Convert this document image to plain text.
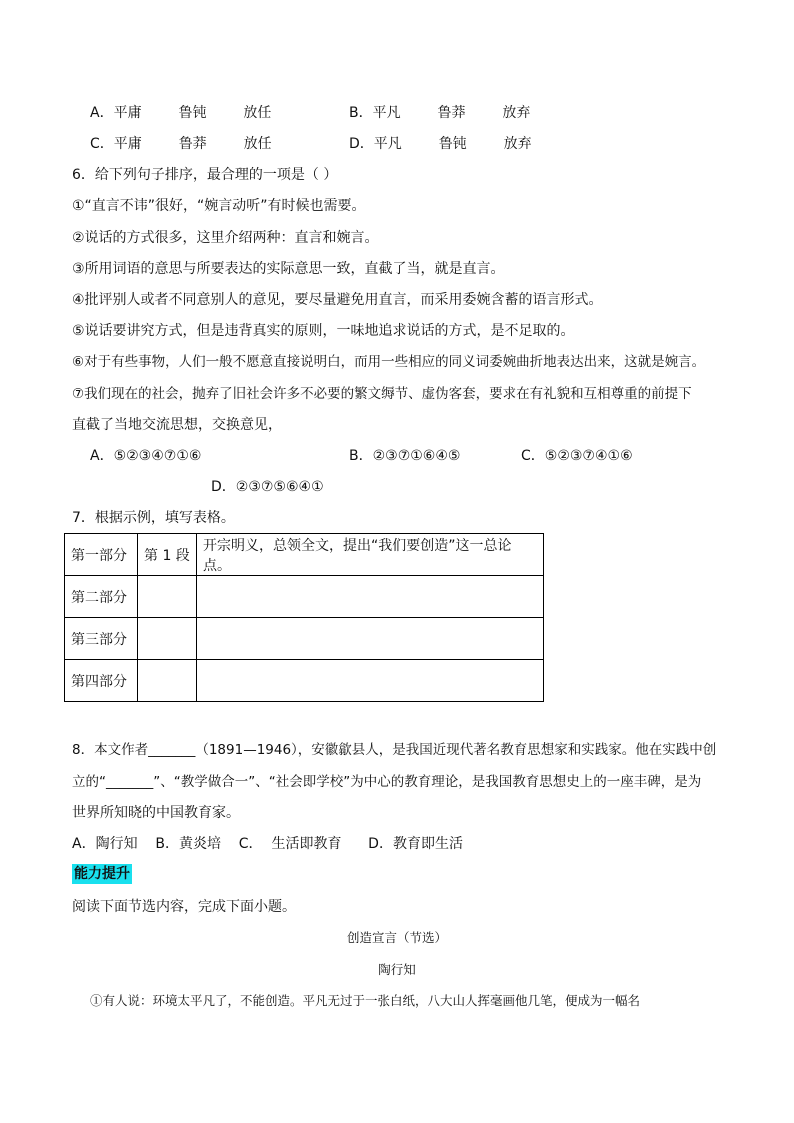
A．平庸	鲁钝	放任	B．平凡	鲁莽	放弃
C．平庸	鲁莽	放任	D．平凡	鲁钝	放弃
6．给下列句子排序，最合理的一项是（ ）
①“直言不讳”很好，“婉言动听”有时候也需要。
②说话的方式很多，这里介绍两种：直言和婉言。
③所用词语的意思与所要表达的实际意思一致，直截了当，就是直言。
④批评别人或者不同意别人的意见，要尽量避免用直言，而采用委婉含蓄的语言形式。
⑤说话要讲究方式，但是违背真实的原则，一味地追求说话的方式，是不足取的。
⑥对于有些事物，人们一般不愿意直接说明白，而用一些相应的同义词委婉曲折地表达出来，这就是婉言。
⑦我们现在的社会，抛弃了旧社会许多不必要的繁文缛节、虚伪客套，要求在有礼貌和互相尊重的前提下
直截了当地交流思想，交换意见，
A．⑤②③④⑦①⑥	B．②③⑦①⑥④⑤	C．⑤②③⑦④①⑥
D．②③⑦⑤⑥④①
7．根据示例，填写表格。
第一部分	第 1 段	开宗明义，总领全文，提出“我们要创造”这一总论点。
第二部分		
第三部分		
第四部分		
8．本文作者_______（1891—1946），安徽歙县人，是我国近现代著名教育思想家和实践家。他在实践中创
立的“_______”、“教学做合一”、“社会即学校”为中心的教育理论，是我国教育思想史上的一座丰碑，是为
世界所知晓的中国教育家。
A．陶行知    B．黄炎培    C．  生活即教育      D．教育即生活
能力提升
阅读下面节选内容，完成下面小题。
创造宣言（节选）
陶行知
①有人说：环境太平凡了，不能创造。平凡无过于一张白纸，八大山人挥毫画他几笔，便成为一幅名
